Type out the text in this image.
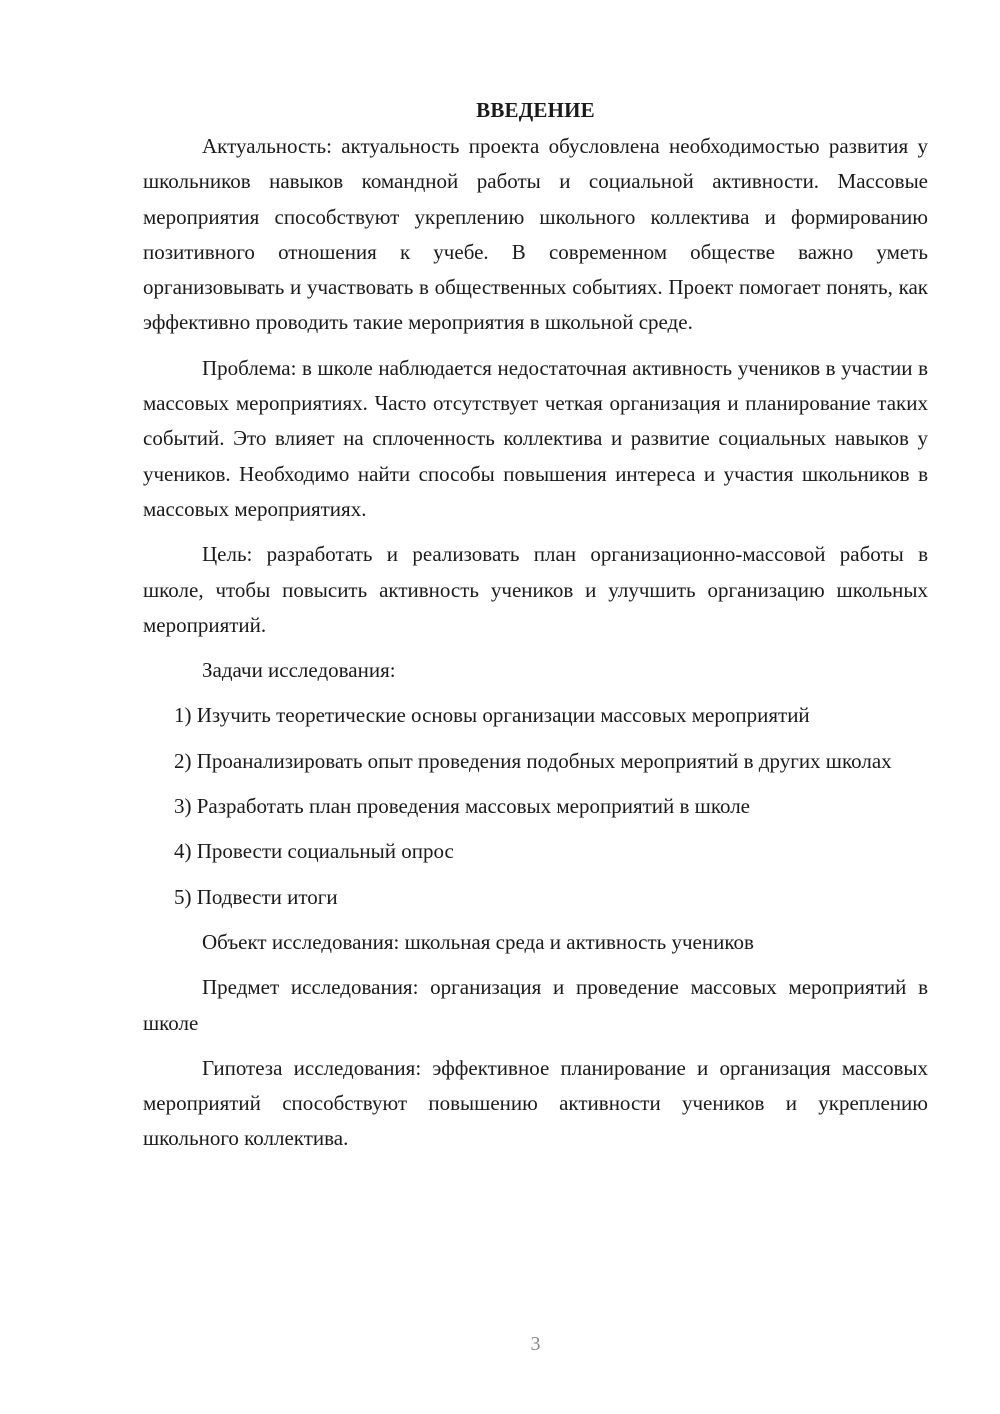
ВВЕДЕНИЕ

Актуальность: актуальность проекта обусловлена необходимостью развития у школьников навыков командной работы и социальной активности. Массовые мероприятия способствуют укреплению школьного коллектива и формированию позитивного отношения к учебе. В современном обществе важно уметь организовывать и участвовать в общественных событиях. Проект помогает понять, как эффективно проводить такие мероприятия в школьной среде.

Проблема: в школе наблюдается недостаточная активность учеников в участии в массовых мероприятиях. Часто отсутствует четкая организация и планирование таких событий. Это влияет на сплоченность коллектива и развитие социальных навыков у учеников. Необходимо найти способы повышения интереса и участия школьников в массовых мероприятиях.

Цель: разработать и реализовать план организационно-массовой работы в школе, чтобы повысить активность учеников и улучшить организацию школьных мероприятий.

Задачи исследования:

1) Изучить теоретические основы организации массовых мероприятий

2) Проанализировать опыт проведения подобных мероприятий в других школах

3) Разработать план проведения массовых мероприятий в школе

4) Провести социальный опрос

5) Подвести итоги

Объект исследования: школьная среда и активность учеников

Предмет исследования: организация и проведение массовых мероприятий в школе

Гипотеза исследования: эффективное планирование и организация массовых мероприятий способствуют повышению активности учеников и укреплению школьного коллектива.

3
